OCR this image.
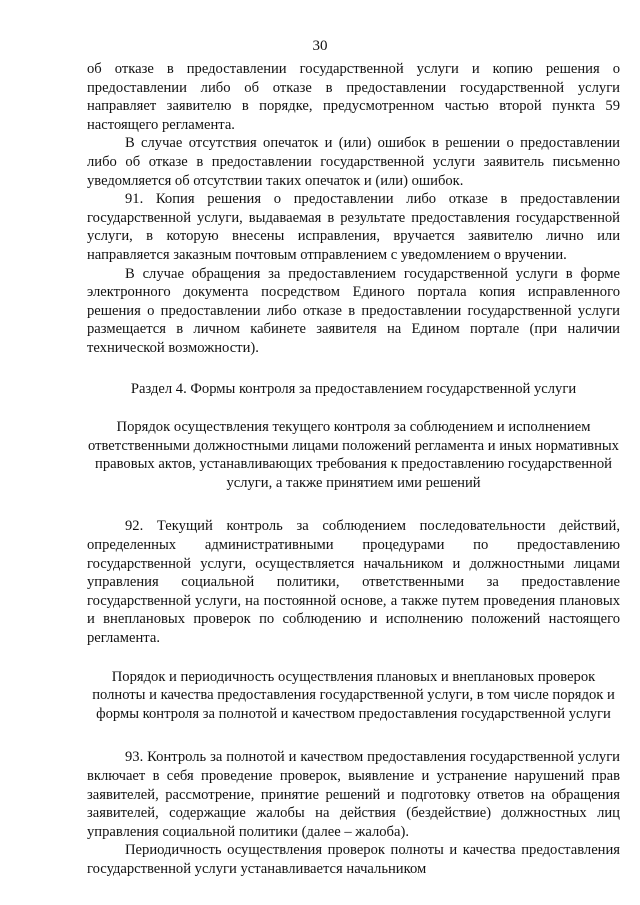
30

об отказе в предоставлении государственной услуги и копию решения о предоставлении либо об отказе в предоставлении государственной услуги направляет заявителю в порядке, предусмотренном частью второй пункта 59 настоящего регламента.

В случае отсутствия опечаток и (или) ошибок в решении о предоставлении либо об отказе в предоставлении государственной услуги заявитель письменно уведомляется об отсутствии таких опечаток и (или) ошибок.

91. Копия решения о предоставлении либо отказе в предоставлении государственной услуги, выдаваемая в результате предоставления государственной услуги, в которую внесены исправления, вручается заявителю лично или направляется заказным почтовым отправлением с уведомлением о вручении.

В случае обращения за предоставлением государственной услуги в форме электронного документа посредством Единого портала копия исправленного решения о предоставлении либо отказе в предоставлении государственной услуги размещается в личном кабинете заявителя на Едином портале (при наличии технической возможности).

Раздел 4. Формы контроля за предоставлением государственной услуги

Порядок осуществления текущего контроля за соблюдением и исполнением ответственными должностными лицами положений регламента и иных нормативных правовых актов, устанавливающих требования к предоставлению государственной услуги, а также принятием ими решений

92. Текущий контроль за соблюдением последовательности действий, определенных административными процедурами по предоставлению государственной услуги, осуществляется начальником и должностными лицами управления социальной политики, ответственными за предоставление государственной услуги, на постоянной основе, а также путем проведения плановых и внеплановых проверок по соблюдению и исполнению положений настоящего регламента.

Порядок и периодичность осуществления плановых и внеплановых проверок полноты и качества предоставления государственной услуги, в том числе порядок и формы контроля за полнотой и качеством предоставления государственной услуги

93. Контроль за полнотой и качеством предоставления государственной услуги включает в себя проведение проверок, выявление и устранение нарушений прав заявителей, рассмотрение, принятие решений и подготовку ответов на обращения заявителей, содержащие жалобы на действия (бездействие) должностных лиц управления социальной политики (далее – жалоба).

Периодичность осуществления проверок полноты и качества предоставления государственной услуги устанавливается начальником
